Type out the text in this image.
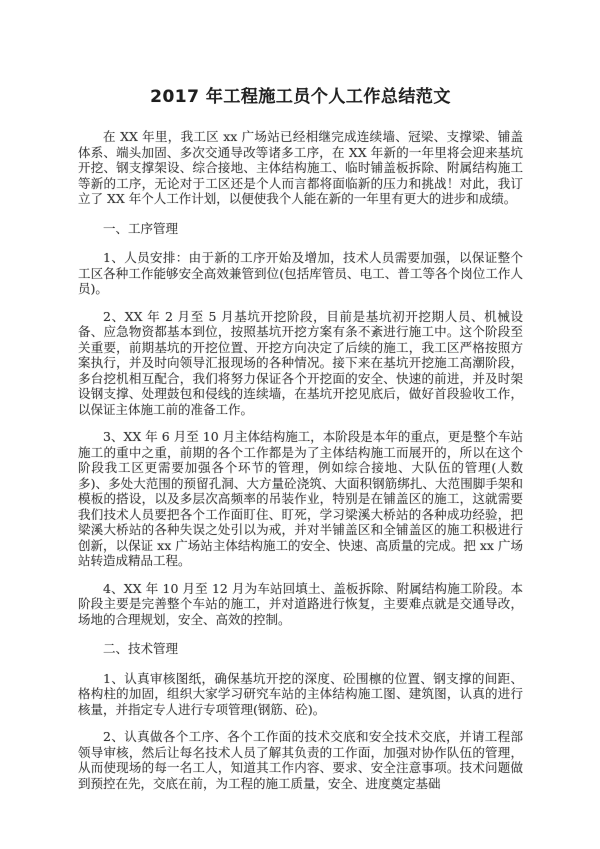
2017 年工程施工员个人工作总结范文

在 XX 年里，我工区 xx 广场站已经相继完成连续墙、冠梁、支撑梁、铺盖体系、端头加固、多次交通导改等诸多工序，在 XX 年新的一年里将会迎来基坑开挖、钢支撑架设、综合接地、主体结构施工、临时铺盖板拆除、附属结构施工等新的工序，无论对于工区还是个人而言都将面临新的压力和挑战！对此，我订立了 XX 年个人工作计划，以便使我个人能在新的一年里有更大的进步和成绩。

一、工序管理

1、人员安排：由于新的工序开始及增加，技术人员需要加强，以保证整个工区各种工作能够安全高效兼管到位(包括库管员、电工、普工等各个岗位工作人员)。

2、XX 年 2 月至 5 月基坑开挖阶段，目前是基坑初开挖期人员、机械设备、应急物资都基本到位，按照基坑开挖方案有条不紊进行施工中。这个阶段至关重要，前期基坑的开挖位置、开挖方向决定了后续的施工，我工区严格按照方案执行，并及时向领导汇报现场的各种情况。接下来在基坑开挖施工高潮阶段，多台挖机相互配合，我们将努力保证各个开挖面的安全、快速的前进，并及时架设钢支撑、处理鼓包和侵线的连续墙，在基坑开挖见底后，做好首段验收工作，以保证主体施工前的准备工作。

3、XX 年 6 月至 10 月主体结构施工，本阶段是本年的重点，更是整个车站施工的重中之重，前期的各个工作都是为了主体结构施工而展开的，所以在这个阶段我工区更需要加强各个环节的管理，例如综合接地、大队伍的管理(人数多)、多处大范围的预留孔洞、大方量砼浇筑、大面积钢筋绑扎、大范围脚手架和模板的搭设，以及多层次高频率的吊装作业，特别是在铺盖区的施工，这就需要我们技术人员要把各个工作面盯住、盯死，学习梁溪大桥站的各种成功经验，把梁溪大桥站的各种失误之处引以为戒，并对半铺盖区和全铺盖区的施工积极进行创新，以保证 xx 广场站主体结构施工的安全、快速、高质量的完成。把 xx 广场站转造成精品工程。

4、XX 年 10 月至 12 月为车站回填土、盖板拆除、附属结构施工阶段。本阶段主要是完善整个车站的施工，并对道路进行恢复，主要难点就是交通导改，场地的合理规划，安全、高效的控制。

二、技术管理

1、认真审核图纸，确保基坑开挖的深度、砼围檩的位置、钢支撑的间距、格构柱的加固，组织大家学习研究车站的主体结构施工图、建筑图，认真的进行核量，并指定专人进行专项管理(钢筋、砼)。

2、认真做各个工序、各个工作面的技术交底和安全技术交底，并请工程部领导审核，然后让每名技术人员了解其负责的工作面，加强对协作队伍的管理，从而使现场的每一名工人，知道其工作内容、要求、安全注意事项。技术问题做到预控在先，交底在前，为工程的施工质量，安全、进度奠定基础
